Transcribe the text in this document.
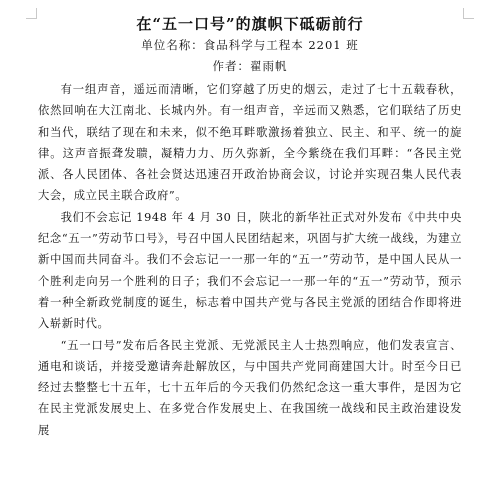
在“五一口号”的旗帜下砥砺前行

单位名称：食品科学与工程本 2201 班

作者：翟雨帆

有一组声音，遥远而清晰，它们穿越了历史的烟云，走过了七十五载春秋，依然回响在大江南北、长城内外。有一组声音，辛远而又熟悉，它们联结了历史和当代，联结了现在和未来，似不绝耳畔歌激扬着独立、民主、和平、统一的旋律。这声音振聋发聩，凝精力力、历久弥新，全今紫绕在我们耳畔：“各民主党派、各人民团体、各社会贤达迅速召开政治协商会议，讨论并实现召集人民代表大会，成立民主联合政府”。

我们不会忘记 1948 年 4 月 30 日，陕北的新华社正式对外发布《中共中央纪念“五一”劳动节口号》，号召中国人民团结起来，巩固与扩大统一战线，为建立新中国而共同奋斗。我们不会忘记一一那一年的“五一”劳动节，是中国人民从一个胜利走向另一个胜利的日子；我们不会忘记一一那一年的“五一”劳动节，预示着一种全新政党制度的诞生，标志着中国共产党与各民主党派的团结合作即将进入崭新时代。

“五一口号”发布后各民主党派、无党派民主人士热烈响应，他们发表宣言、通电和谈话，并接受邀请奔赴解放区，与中国共产党同商建国大计。时至今日已经过去整整七十五年，七十五年后的今天我们仍然纪念这一重大事件，是因为它在民主党派发展史上、在多党合作发展史上、在我国统一战线和民主政治建设发展
